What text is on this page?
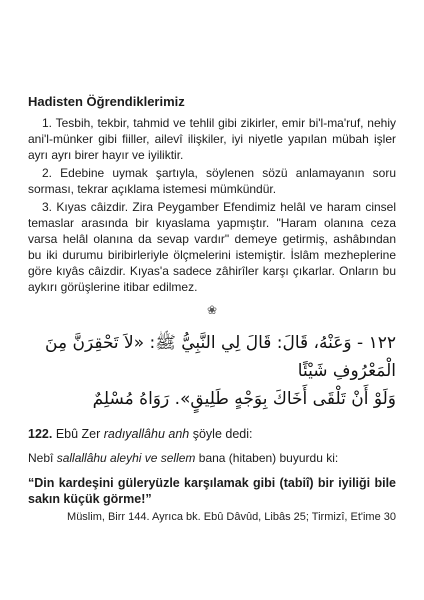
Hadisten Öğrendiklerimiz

1. Tesbih, tekbir, tahmid ve tehlil gibi zikirler, emir bi'l-ma'ruf, nehiy ani'l-münker gibi fiiller, ailevî ilişkiler, iyi niyetle yapılan mübah işler ayrı ayrı birer hayır ve iyiliktir.

2. Edebine uymak şartıyla, söylenen sözü anlamayanın soru sorması, tekrar açıklama istemesi mümkündür.

3. Kıyas câizdir. Zira Peygamber Efendimiz helâl ve haram cinsel temaslar arasında bir kıyaslama yapmıştır. "Haram olanına ceza varsa helâl olanına da sevap vardır" demeye getirmiş, ashâbından bu iki durumu biribirleriyle ölçmelerini istemiştir. İslâm mezheplerine göre kıyâs câizdir. Kıyas'a sadece zâhirîler karşı çıkarlar. Onların bu aykırı görüşlerine itibar edilmez.

❀
١٢٢ - وَعَنْهُ، قَالَ: قَالَ لِي النَّبِيُّ ﷺ: «لاَ تَحْقِرَنَّ مِنَ الْمَعْرُوفِ شَيْئًا
وَلَوْ أَنْ تَلْقَى أَخَاكَ بِوَجْهٍ طَلِيقٍ». رَوَاهُ مُسْلِمٌ

122. Ebû Zer radıyallâhu anh şöyle dedi:

Nebî sallallâhu aleyhi ve sellem bana (hitaben) buyurdu ki:

“Din kardeşini güleryüzle karşılamak gibi (tabiî) bir iyiliği bile sakın küçük görme!”

Müslim, Birr 144. Ayrıca bk. Ebû Dâvûd, Libâs 25; Tirmizî, Et'ime 30
